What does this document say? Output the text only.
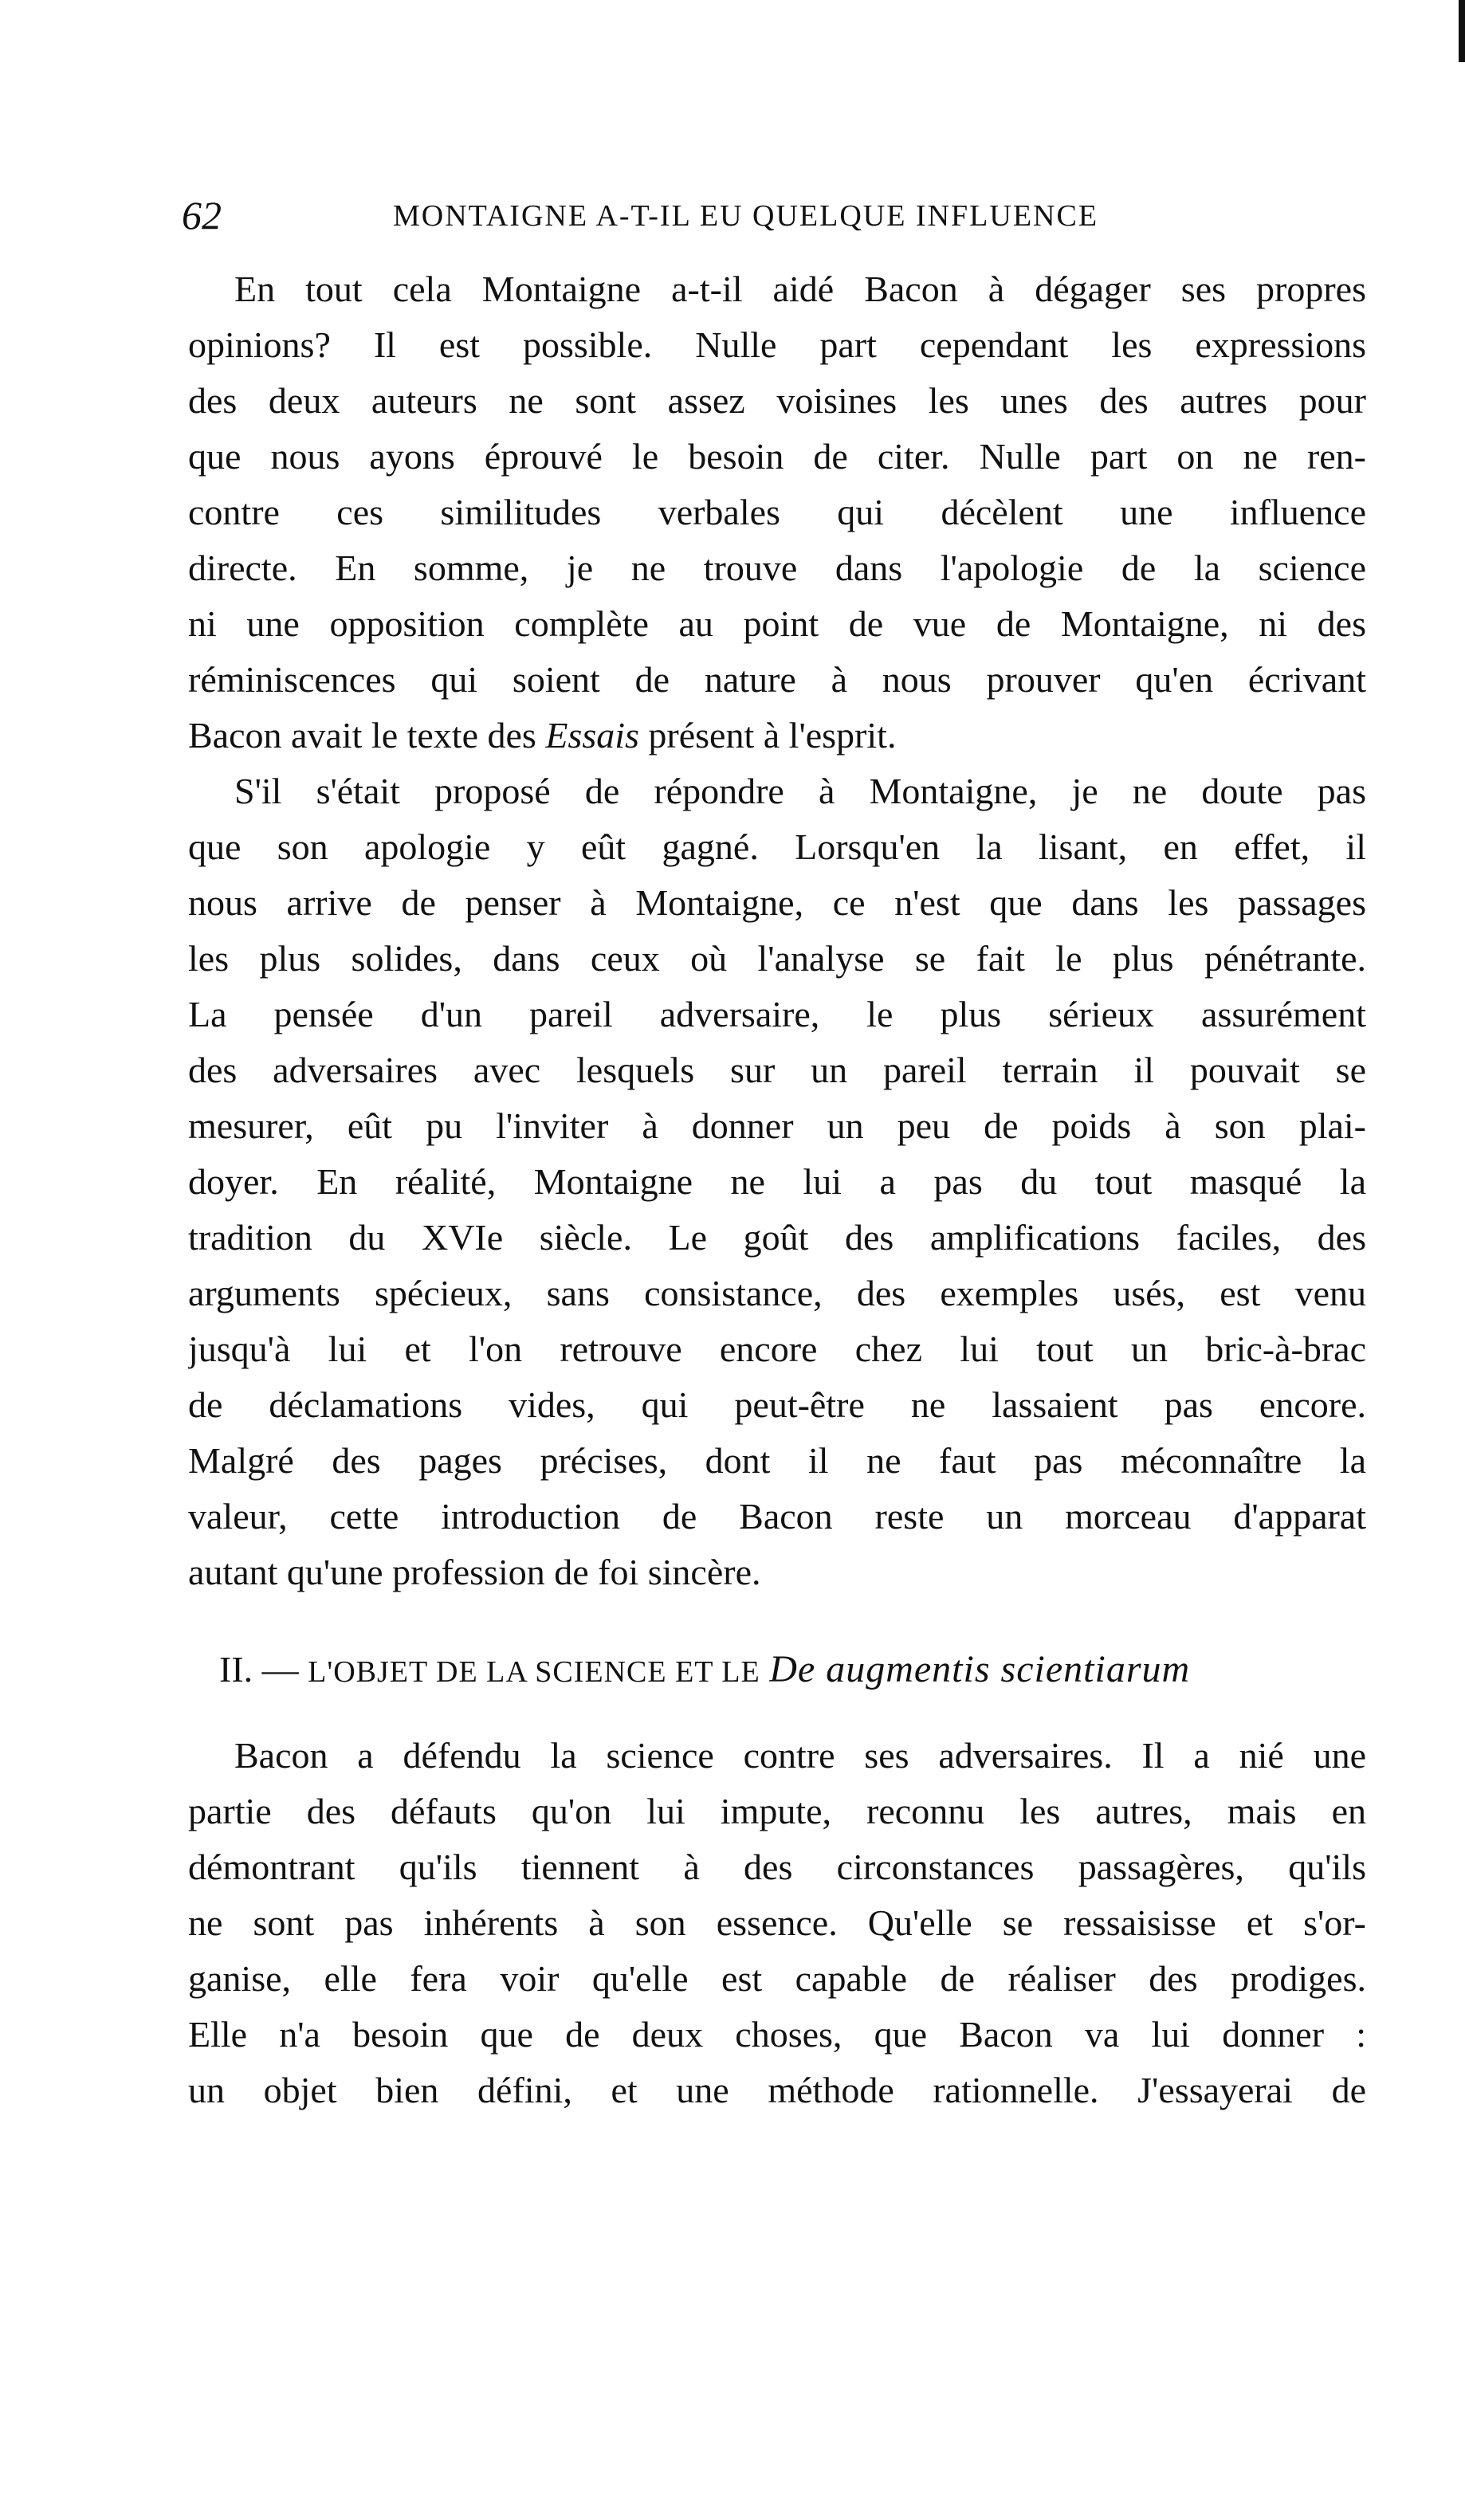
62	MONTAIGNE A-T-IL EU QUELQUE INFLUENCE
En tout cela Montaigne a-t-il aidé Bacon à dégager ses propres
opinions? Il est possible. Nulle part cependant les expressions
des deux auteurs ne sont assez voisines les unes des autres pour
que nous ayons éprouvé le besoin de citer. Nulle part on ne ren-
contre ces similitudes verbales qui décèlent une influence
directe. En somme, je ne trouve dans l'apologie de la science
ni une opposition complète au point de vue de Montaigne, ni des
réminiscences qui soient de nature à nous prouver qu'en écrivant
Bacon avait le texte des Essais présent à l'esprit.
S'il s'était proposé de répondre à Montaigne, je ne doute pas
que son apologie y eût gagné. Lorsqu'en la lisant, en effet, il
nous arrive de penser à Montaigne, ce n'est que dans les passages
les plus solides, dans ceux où l'analyse se fait le plus pénétrante.
La pensée d'un pareil adversaire, le plus sérieux assurément
des adversaires avec lesquels sur un pareil terrain il pouvait se
mesurer, eût pu l'inviter à donner un peu de poids à son plai-
doyer. En réalité, Montaigne ne lui a pas du tout masqué la
tradition du XVIe siècle. Le goût des amplifications faciles, des
arguments spécieux, sans consistance, des exemples usés, est venu
jusqu'à lui et l'on retrouve encore chez lui tout un bric-à-brac
de déclamations vides, qui peut-être ne lassaient pas encore.
Malgré des pages précises, dont il ne faut pas méconnaître la
valeur, cette introduction de Bacon reste un morceau d'apparat
autant qu'une profession de foi sincère.
II. — L'OBJET DE LA SCIENCE ET LE De augmentis scientiarum
Bacon a défendu la science contre ses adversaires. Il a nié une
partie des défauts qu'on lui impute, reconnu les autres, mais en
démontrant qu'ils tiennent à des circonstances passagères, qu'ils
ne sont pas inhérents à son essence. Qu'elle se ressaisisse et s'or-
ganise, elle fera voir qu'elle est capable de réaliser des prodiges.
Elle n'a besoin que de deux choses, que Bacon va lui donner :
un objet bien défini, et une méthode rationnelle. J'essayerai de
